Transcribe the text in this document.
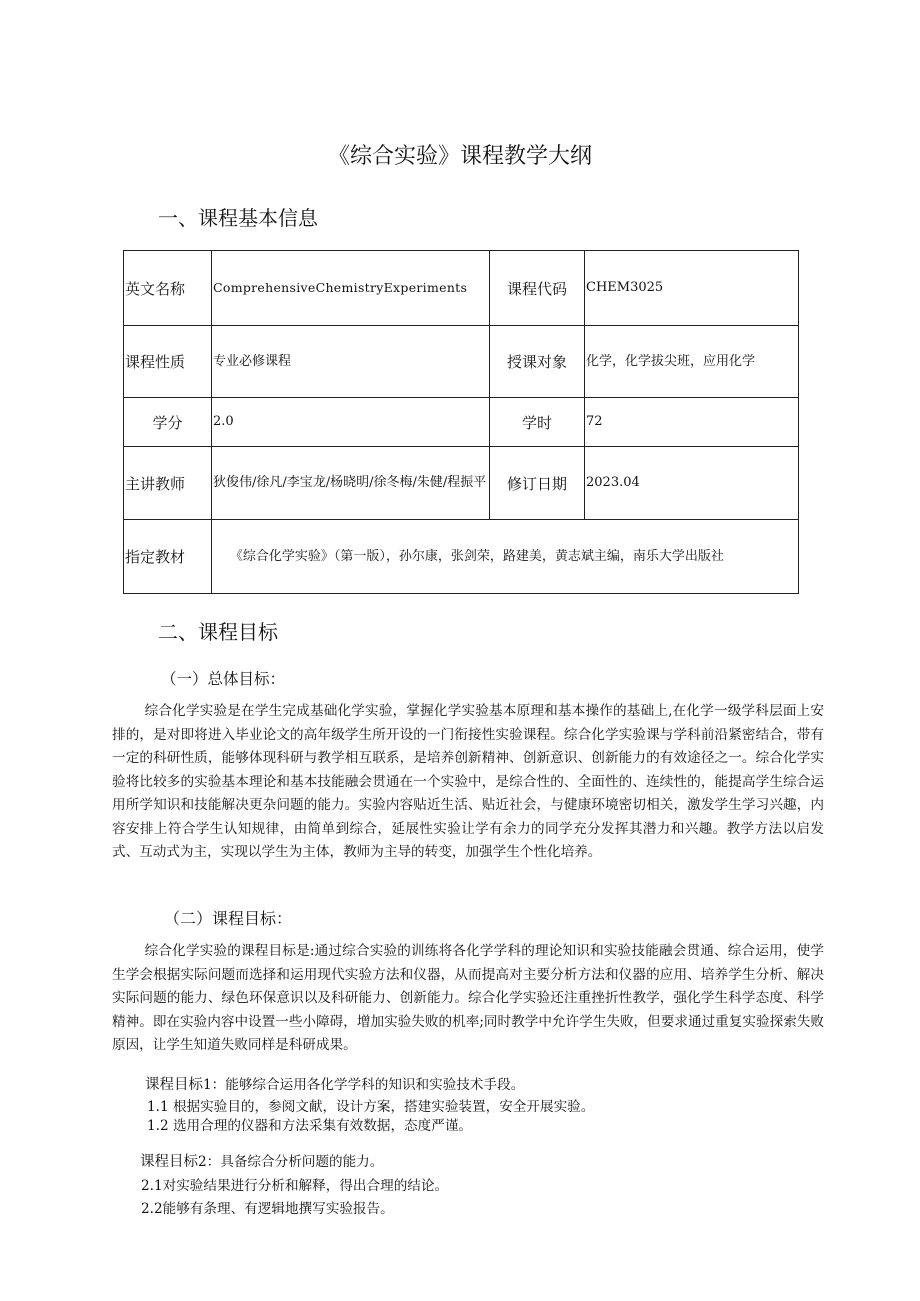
《综合实验》课程教学大纲
一、课程基本信息
英文名称	ComprehensiveChemistryExperiments	课程代码	CHEM3025
课程性质	专业必修课程	授课对象	化学，化学拔尖班，应用化学
学分	2.0	学时	72
主讲教师	狄俊伟/徐凡/李宝龙/杨晓明/徐冬梅/朱健/程振平	修订日期	2023.04
指定教材	《综合化学实验》（第一版），孙尔康，张剑荣，路建美，黄志斌主编，南乐大学出版社		
二、课程目标
（一）总体目标：

综合化学实验是在学生完成基础化学实验，掌握化学实验基本原理和基本操作的基础上,在化学一级学科层面上安排的，是对即将进入毕业论文的高年级学生所开设的一门衔接性实验课程。综合化学实验课与学科前沿紧密结合，带有一定的科研性质，能够体现科研与教学相互联系，是培养创新精神、创新意识、创新能力的有效途径之一。综合化学实验将比较多的实验基本理论和基本技能融会贯通在一个实验中，是综合性的、全面性的、连续性的，能提高学生综合运用所学知识和技能解决更杂问题的能力。实验内容贴近生活、贴近社会，与健康环境密切相关，激发学生学习兴趣，内容安排上符合学生认知规律，由简单到综合，延展性实验让学有余力的同学充分发挥其潜力和兴趣。教学方法以启发式、互动式为主，实现以学生为主体，教师为主导的转变，加强学生个性化培养。

（二）课程目标：

综合化学实验的课程目标是:通过综合实验的训练将各化学学科的理论知识和实验技能融会贯通、综合运用，使学生学会根据实际问题而选择和运用现代实验方法和仪器，从而提高对主要分析方法和仪器的应用、培养学生分析、解决实际问题的能力、绿色环保意识以及科研能力、创新能力。综合化学实验还注重挫折性教学，强化学生科学态度、科学精神。即在实验内容中设置一些小障碍，增加实验失败的机率;同时教学中允许学生失败，但要求通过重复实验探索失败原因，让学生知道失败同样是科研成果。

课程目标1：能够综合运用各化学学科的知识和实验技术手段。
1.1 根据实验目的，参阅文献，设计方案，搭建实验装置，安全开展实验。
1.2 选用合理的仪器和方法采集有效数据，态度严谨。
课程目标2：具备综合分析问题的能力。
2.1对实验结果进行分析和解释，得出合理的结论。
2.2能够有条理、有逻辑地撰写实验报告。
